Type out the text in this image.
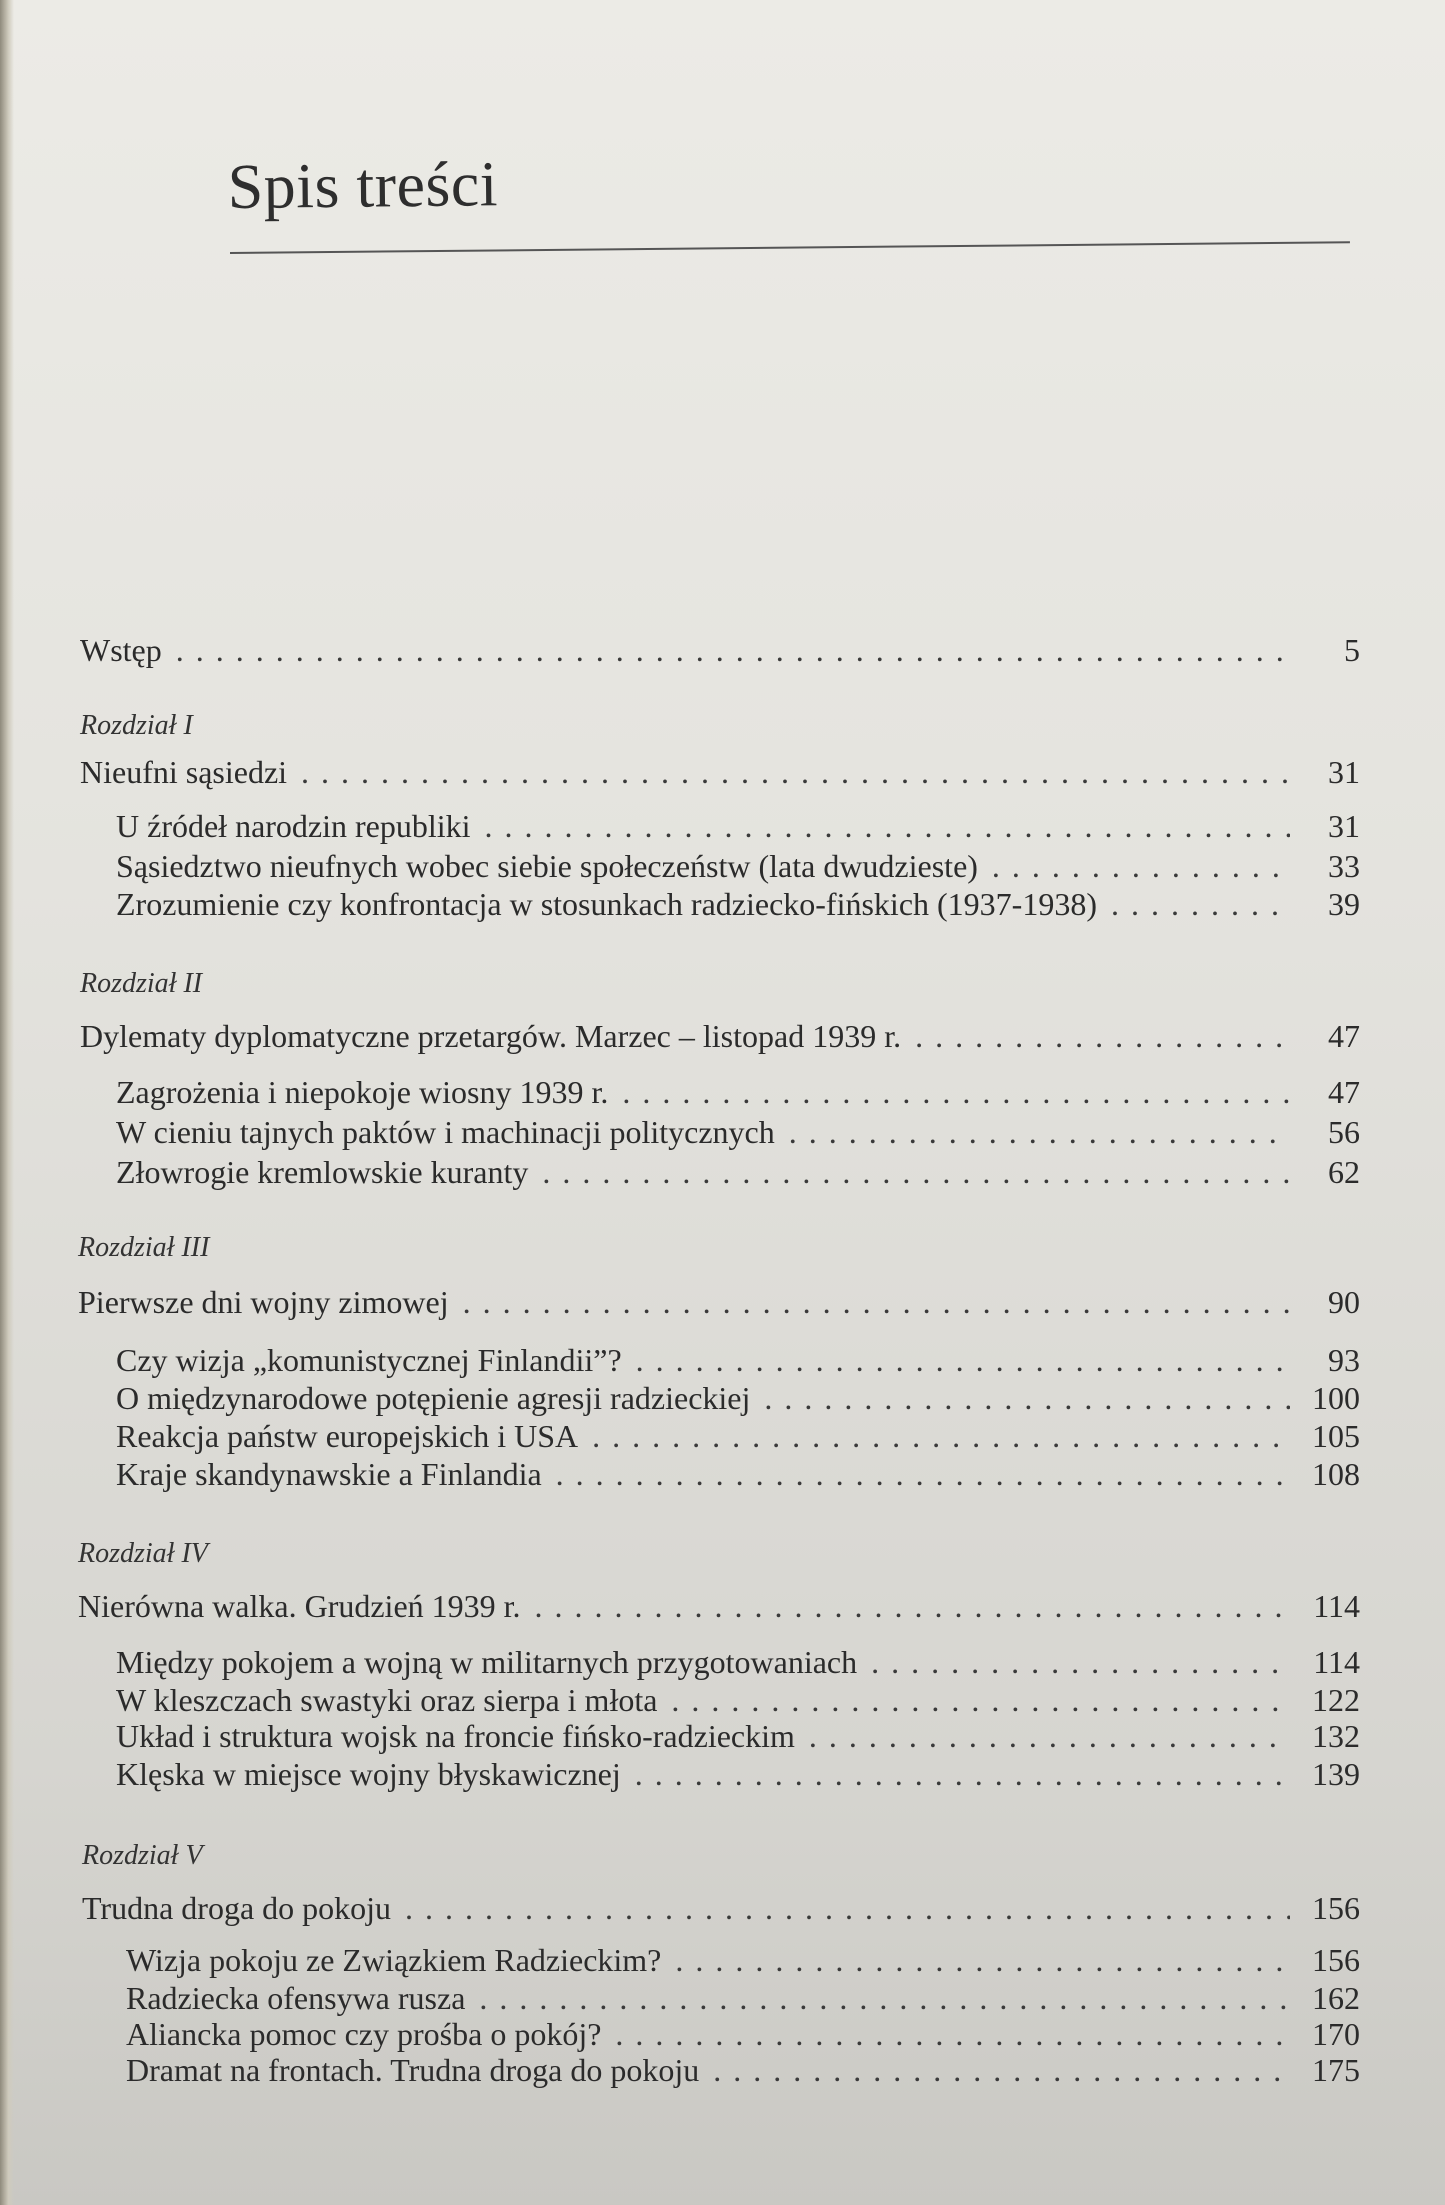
Spis treści
Wstęp . . .	5
Rozdział I
Nieufni sąsiedzi . . .	31
U źródeł narodzin republiki . . .	31
Sąsiedztwo nieufnych wobec siebie społeczeństw (lata dwudzieste) . . .	33
Zrozumienie czy konfrontacja w stosunkach radziecko-fińskich (1937-1938) . . .	39
Rozdział II
Dylematy dyplomatyczne przetargów. Marzec – listopad 1939 r. . . .	47
Zagrożenia i niepokoje wiosny 1939 r. . . .	47
W cieniu tajnych paktów i machinacji politycznych . . .	56
Złowrogie kremlowskie kuranty . . .	62
Rozdział III
Pierwsze dni wojny zimowej . . .	90
Czy wizja „komunistycznej Finlandii”? . . .	93
O międzynarodowe potępienie agresji radzieckiej . . .	100
Reakcja państw europejskich i USA . . .	105
Kraje skandynawskie a Finlandia . . .	108
Rozdział IV
Nierówna walka. Grudzień 1939 r. . . .	114
Między pokojem a wojną w militarnych przygotowaniach . . .	114
W kleszczach swastyki oraz sierpa i młota . . .	122
Układ i struktura wojsk na froncie fińsko-radzieckim . . .	132
Klęska w miejsce wojny błyskawicznej . . .	139
Rozdział V
Trudna droga do pokoju . . .	156
Wizja pokoju ze Związkiem Radzieckim? . . .	156
Radziecka ofensywa rusza . . .	162
Aliancka pomoc czy prośba o pokój? . . .	170
Dramat na frontach. Trudna droga do pokoju . . .	175
